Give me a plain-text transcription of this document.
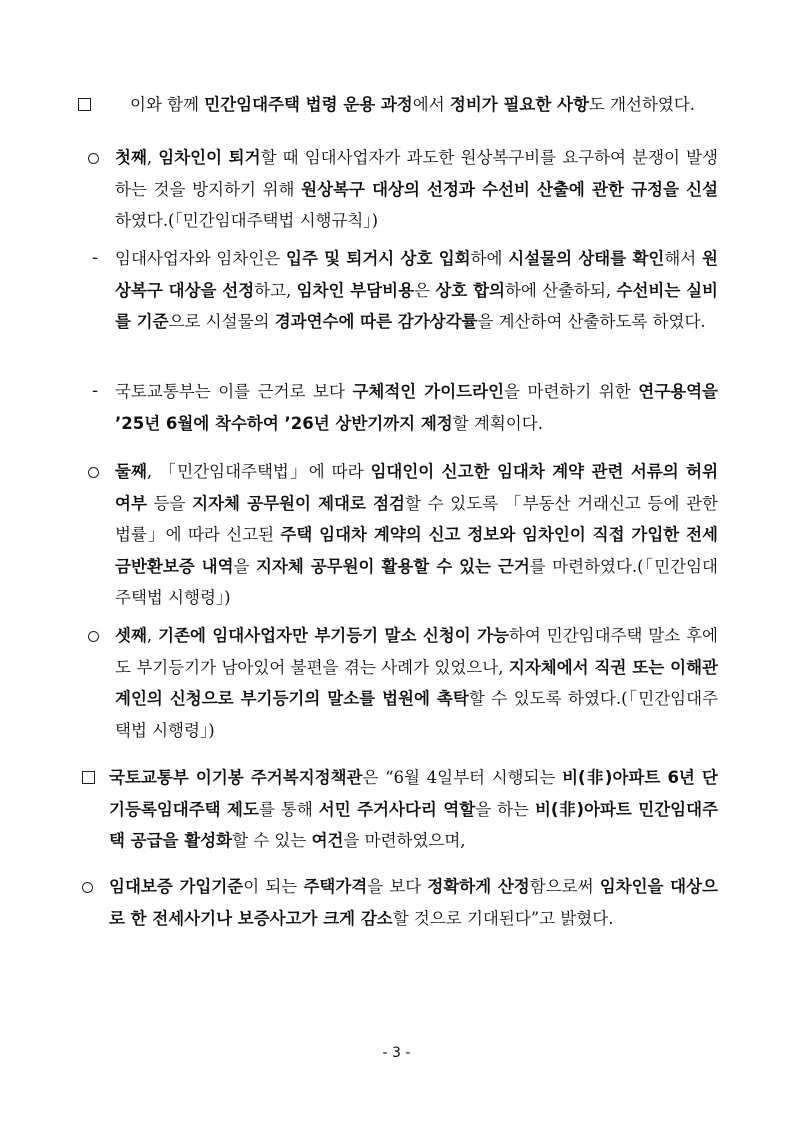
이와 함께 민간임대주택 법령 운용 과정에서 정비가 필요한 사항도 개선하였다.
첫째, 임차인이 퇴거할 때 임대사업자가 과도한 원상복구비를 요구하여 분쟁이 발생하는 것을 방지하기 위해 원상복구 대상의 선정과 수선비 산출에 관한 규정을 신설하였다.(「민간임대주택법 시행규칙」)
-	임대사업자와 임차인은 입주 및 퇴거시 상호 입회하에 시설물의 상태를 확인해서 원상복구 대상을 선정하고, 임차인 부담비용은 상호 합의하에 산출하되, 수선비는 실비를 기준으로 시설물의 경과연수에 따른 감가상각률을 계산하여 산출하도록 하였다.
-	국토교통부는 이를 근거로 보다 구체적인 가이드라인을 마련하기 위한 연구용역을 ’25년 6월에 착수하여 ’26년 상반기까지 제정할 계획이다.
둘째, 「민간임대주택법」에 따라 임대인이 신고한 임대차 계약 관련 서류의 허위 여부 등을 지자체 공무원이 제대로 점검할 수 있도록 「부동산 거래신고 등에 관한 법률」에 따라 신고된 주택 임대차 계약의 신고 정보와 임차인이 직접 가입한 전세금반환보증 내역을 지자체 공무원이 활용할 수 있는 근거를 마련하였다.(「민간임대주택법 시행령」)
셋째, 기존에 임대사업자만 부기등기 말소 신청이 가능하여 민간임대주택 말소 후에도 부기등기가 남아있어 불편을 겪는 사례가 있었으나, 지자체에서 직권 또는 이해관계인의 신청으로 부기등기의 말소를 법원에 촉탁할 수 있도록 하였다.(「민간임대주택법 시행령」)
국토교통부 이기봉 주거복지정책관은 “6월 4일부터 시행되는 비(非)아파트 6년 단기등록임대주택 제도를 통해 서민 주거사다리 역할을 하는 비(非)아파트 민간임대주택 공급을 활성화할 수 있는 여건을 마련하였으며,
임대보증 가입기준이 되는 주택가격을 보다 정확하게 산정함으로써 임차인을 대상으로 한 전세사기나 보증사고가 크게 감소할 것으로 기대된다”고 밝혔다.
- 3 -
